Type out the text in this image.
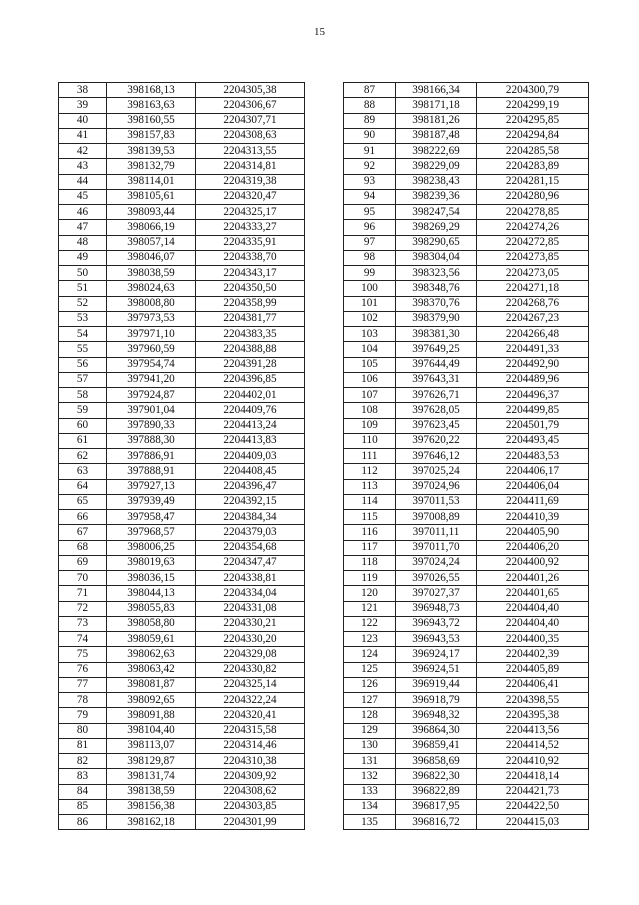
15
38	398168,13	2204305,38
39	398163,63	2204306,67
40	398160,55	2204307,71
41	398157,83	2204308,63
42	398139,53	2204313,55
43	398132,79	2204314,81
44	398114,01	2204319,38
45	398105,61	2204320,47
46	398093,44	2204325,17
47	398066,19	2204333,27
48	398057,14	2204335,91
49	398046,07	2204338,70
50	398038,59	2204343,17
51	398024,63	2204350,50
52	398008,80	2204358,99
53	397973,53	2204381,77
54	397971,10	2204383,35
55	397960,59	2204388,88
56	397954,74	2204391,28
57	397941,20	2204396,85
58	397924,87	2204402,01
59	397901,04	2204409,76
60	397890,33	2204413,24
61	397888,30	2204413,83
62	397886,91	2204409,03
63	397888,91	2204408,45
64	397927,13	2204396,47
65	397939,49	2204392,15
66	397958,47	2204384,34
67	397968,57	2204379,03
68	398006,25	2204354,68
69	398019,63	2204347,47
70	398036,15	2204338,81
71	398044,13	2204334,04
72	398055,83	2204331,08
73	398058,80	2204330,21
74	398059,61	2204330,20
75	398062,63	2204329,08
76	398063,42	2204330,82
77	398081,87	2204325,14
78	398092,65	2204322,24
79	398091,88	2204320,41
80	398104,40	2204315,58
81	398113,07	2204314,46
82	398129,87	2204310,38
83	398131,74	2204309,92
84	398138,59	2204308,62
85	398156,38	2204303,85
86	398162,18	2204301,99
87	398166,34	2204300,79
88	398171,18	2204299,19
89	398181,26	2204295,85
90	398187,48	2204294,84
91	398222,69	2204285,58
92	398229,09	2204283,89
93	398238,43	2204281,15
94	398239,36	2204280,96
95	398247,54	2204278,85
96	398269,29	2204274,26
97	398290,65	2204272,85
98	398304,04	2204273,85
99	398323,56	2204273,05
100	398348,76	2204271,18
101	398370,76	2204268,76
102	398379,90	2204267,23
103	398381,30	2204266,48
104	397649,25	2204491,33
105	397644,49	2204492,90
106	397643,31	2204489,96
107	397626,71	2204496,37
108	397628,05	2204499,85
109	397623,45	2204501,79
110	397620,22	2204493,45
111	397646,12	2204483,53
112	397025,24	2204406,17
113	397024,96	2204406,04
114	397011,53	2204411,69
115	397008,89	2204410,39
116	397011,11	2204405,90
117	397011,70	2204406,20
118	397024,24	2204400,92
119	397026,55	2204401,26
120	397027,37	2204401,65
121	396948,73	2204404,40
122	396943,72	2204404,40
123	396943,53	2204400,35
124	396924,17	2204402,39
125	396924,51	2204405,89
126	396919,44	2204406,41
127	396918,79	2204398,55
128	396948,32	2204395,38
129	396864,30	2204413,56
130	396859,41	2204414,52
131	396858,69	2204410,92
132	396822,30	2204418,14
133	396822,89	2204421,73
134	396817,95	2204422,50
135	396816,72	2204415,03
